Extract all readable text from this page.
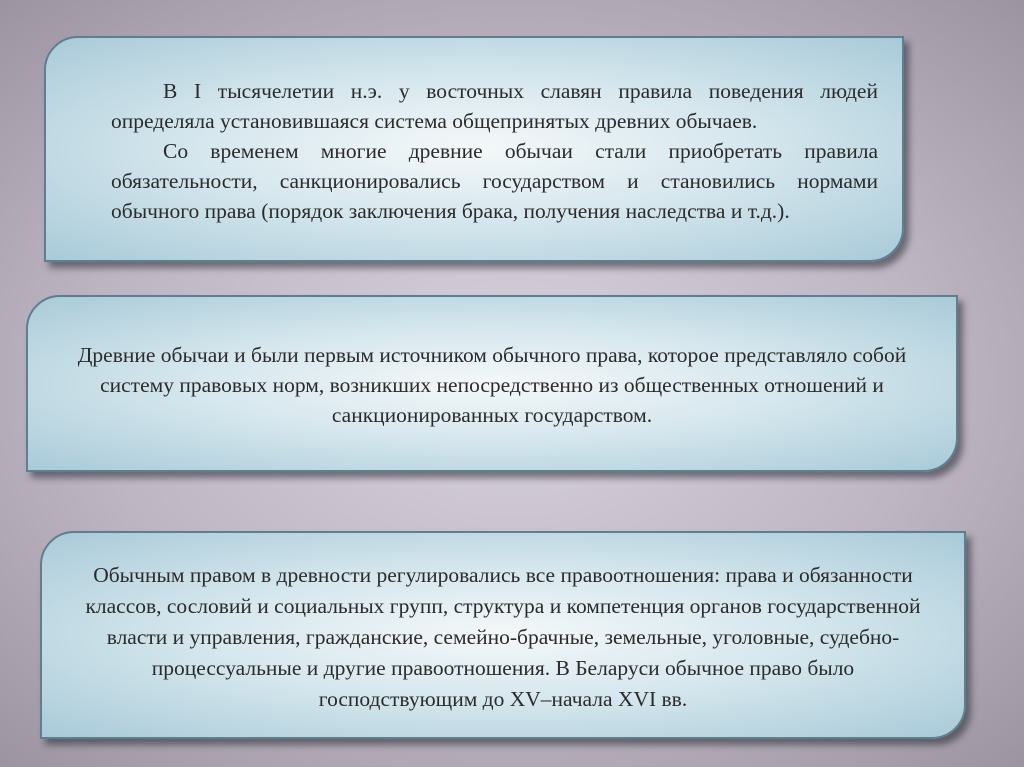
В I тысячелетии н.э. у восточных славян правила поведения людей определяла установившаяся система общепринятых древних обычаев.

Со временем многие древние обычаи стали приобретать правила обязательности, санкционировались государством и становились нормами обычного права (порядок заключения брака, получения наследства и т.д.).

Древние обычаи и были первым источником обычного права, которое представляло собой систему правовых норм, возникших непосредственно из общественных отношений и санкционированных государством.

Обычным правом в древности регулировались все правоотношения: права и обязанности классов, сословий и социальных групп, структура и компетенция органов государственной власти и управления, гражданские, семейно-брачные, земельные, уголовные, судебно-процессуальные и другие правоотношения. В Беларуси обычное право было господствующим до XV–начала XVI вв.
